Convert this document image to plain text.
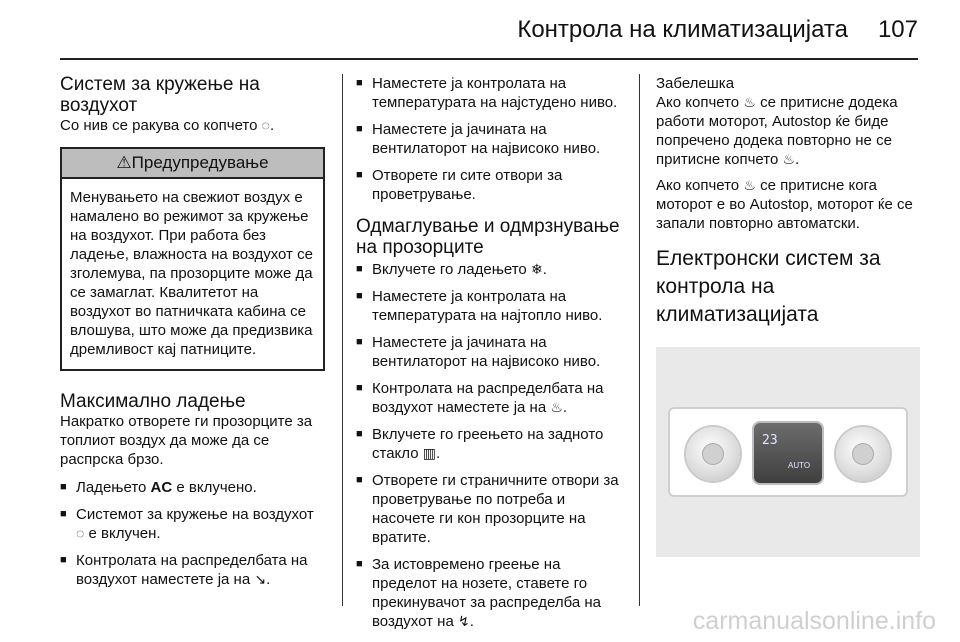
Контрола на климатизацијата 107
Систем за кружење на воздухот

Со нив се ракува со копчето ◌.

⚠Предупредување
Менувањето на свежиот воздух е намалено во режимот за кружење на воздухот. При работа без ладење, влажноста на воздухот се зголемува, па прозорците може да се замаглат. Квалитетот на воздухот во патничката кабина се влошува, што може да предизвика дремливост кај патниците.
Максимално ладење

Накратко отворете ги прозорците за топлиот воздух да може да се распрска брзо.

■ Ладењето AC е вклучено.
■ Системот за кружење на воздухот ◌ е вклучен.
■ Контролата на распределбата на воздухот наместете ја на ↘.
■ Наместете ја контролата на температурата на најстудено ниво.
■ Наместете ја јачината на вентилаторот на највисоко ниво.
■ Отворете ги сите отвори за проветрување.
Одмаглување и одмрзнување на прозорците
■ Вклучете го ладењето ❄.
■ Наместете ја контролата на температурата на најтопло ниво.
■ Наместете ја јачината на вентилаторот на највисоко ниво.
■ Контролата на распределбата на воздухот наместете ја на ♨.
■ Вклучете го греењето на задното стакло ▥.
■ Отворете ги страничните отвори за проветрување по потреба и насочете ги кон прозорците на вратите.
■ За истовремено греење на пределот на нозете, ставете го прекинувачот за распределба на воздухот на ↯.

Забелешка

Ако копчето ♨ се притисне додека работи моторот, Autostop ќе биде попречено додека повторно не се притисне копчето ♨.

Ако копчето ♨ се притисне кога моторот е во Autostop, моторот ќе се запали повторно автоматски.

Електронски систем за контрола на климатизацијата
23
AUTO
carmanualsonline.info
